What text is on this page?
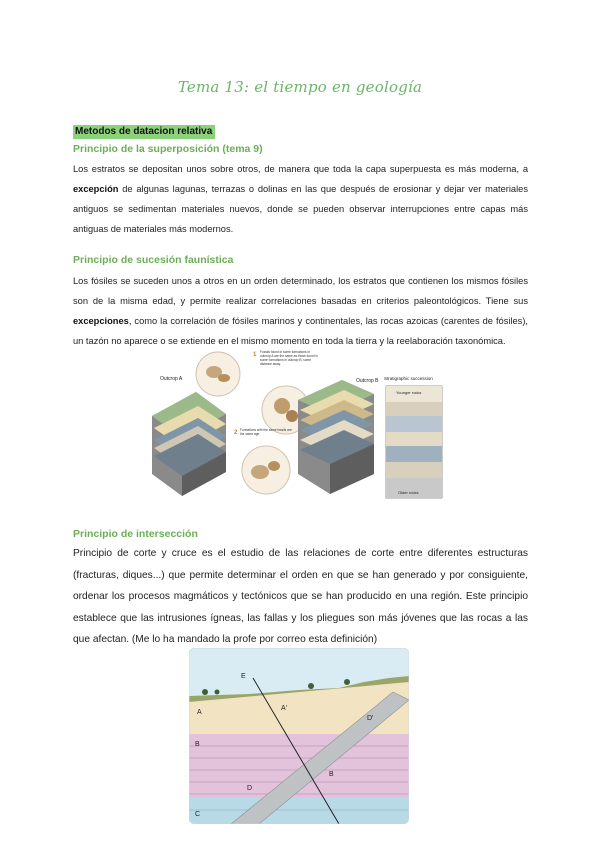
Tema 13: el tiempo en geología
Metodos de datacion relativa
Principio de la superposición (tema 9)
Los estratos se depositan unos sobre otros, de manera que toda la capa superpuesta es más moderna, a excepción de algunas lagunas, terrazas o dolinas en las que después de erosionar y dejar ver materiales antiguos se sedimentan materiales nuevos, donde se pueden observar interrupciones entre capas más antiguas de materiales más modernos.
Principio de sucesión faunística
Los fósiles se suceden unos a otros en un orden determinado, los estratos que contienen los mismos fósiles son de la misma edad, y permite realizar correlaciones basadas en criterios paleontológicos. Tiene sus excepciones, como la correlación de fósiles marinos y continentales, las rocas azoicas (carentes de fósiles), un tazón no aparece o se extiende en el mismo momento en toda la tierra y la reelaboración taxonómica.
Outcrop A
1 Fossils found in some formations in outcrop A are the same as those found in some formations in outcrop B, some distance away.
2 Formations with the same fossils are the same age.
Outcrop B Stratigraphic succession
Younger rocks
Older rocks
Principio de intersección
Principio de corte y cruce es el estudio de las relaciones de corte entre diferentes estructuras (fracturas, diques...) que permite determinar el orden en que se han generado y por consiguiente, ordenar los procesos magmáticos y tectónicos que se han producido en una región. Este principio establece que las intrusiones ígneas, las fallas y los pliegues son más jóvenes que las rocas a las que afectan. (Me lo ha mandado la profe por correo esta definición)
E
A
A'
D'
B
B
D
C
